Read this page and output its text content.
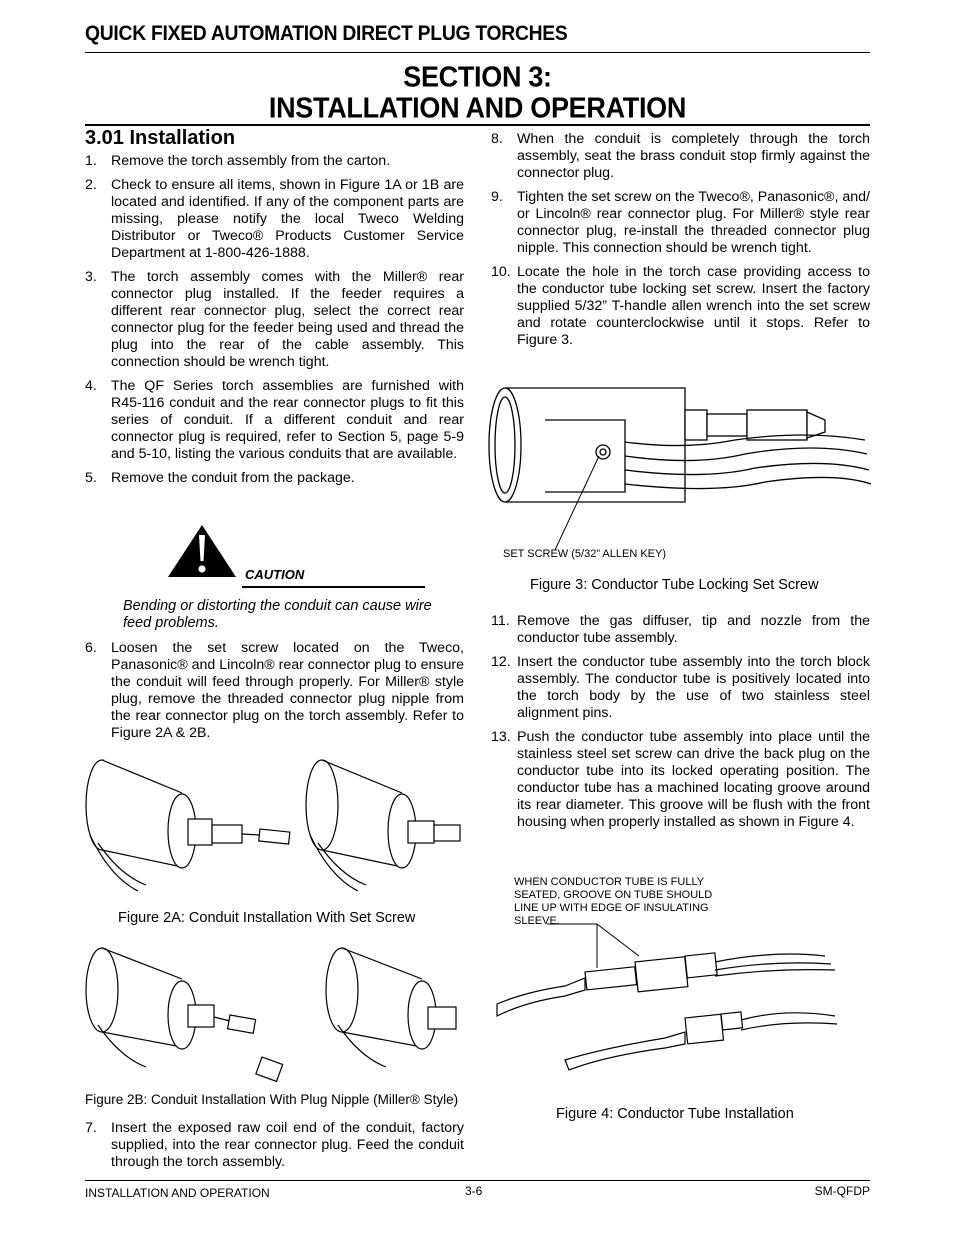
QUICK FIXED AUTOMATION DIRECT PLUG TORCHES
SECTION 3:
INSTALLATION AND OPERATION
3.01 Installation
1. Remove the torch assembly from the carton.
2. Check to ensure all items, shown in Figure 1A or 1B are located and identified. If any of the component parts are missing, please notify the local Tweco Welding Distributor or Tweco® Products Customer Service Department at 1-800-426-1888.
3. The torch assembly comes with the Miller® rear connector plug installed. If the feeder requires a different rear connector plug, select the correct rear connector plug for the feeder being used and thread the plug into the rear of the cable assembly. This connection should be wrench tight.
4. The QF Series torch assemblies are furnished with R45-116 conduit and the rear connector plugs to fit this series of conduit. If a different conduit and rear connector plug is required, refer to Section 5, page 5-9 and 5-10, listing the various conduits that are available.
5. Remove the conduit from the package.
CAUTION
Bending or distorting the conduit can cause wire feed problems.
6. Loosen the set screw located on the Tweco, Panasonic® and Lincoln® rear connector plug to ensure the conduit will feed through properly. For Miller® style plug, remove the threaded connector plug nipple from the rear connector plug on the torch assembly. Refer to Figure 2A & 2B.
Figure 2A: Conduit Installation With Set Screw
Figure 2B: Conduit Installation With Plug Nipple (Miller® Style)
7. Insert the exposed raw coil end of the conduit, factory supplied, into the rear connector plug. Feed the conduit through the torch assembly.
8. When the conduit is completely through the torch assembly, seat the brass conduit stop firmly against the connector plug.
9. Tighten the set screw on the Tweco®, Panasonic®, and/ or Lincoln® rear connector plug. For Miller® style rear connector plug, re-install the threaded connector plug nipple. This connection should be wrench tight.
10. Locate the hole in the torch case providing access to the conductor tube locking set screw. Insert the factory supplied 5/32” T-handle allen wrench into the set screw and rotate counterclockwise until it stops. Refer to Figure 3.
SET SCREW (5/32” ALLEN KEY)
Figure 3: Conductor Tube Locking Set Screw
11. Remove the gas diffuser, tip and nozzle from the conductor tube assembly.
12. Insert the conductor tube assembly into the torch block assembly. The conductor tube is positively located into the torch body by the use of two stainless steel alignment pins.
13. Push the conductor tube assembly into place until the stainless steel set screw can drive the back plug on the conductor tube into its locked operating position. The conductor tube has a machined locating groove around its rear diameter. This groove will be flush with the front housing when properly installed as shown in Figure 4.
WHEN CONDUCTOR TUBE IS FULLY SEATED, GROOVE ON TUBE SHOULD LINE UP WITH EDGE OF INSULATING SLEEVE.
Figure 4: Conductor Tube Installation
INSTALLATION AND OPERATION	3-6	SM-QFDP
